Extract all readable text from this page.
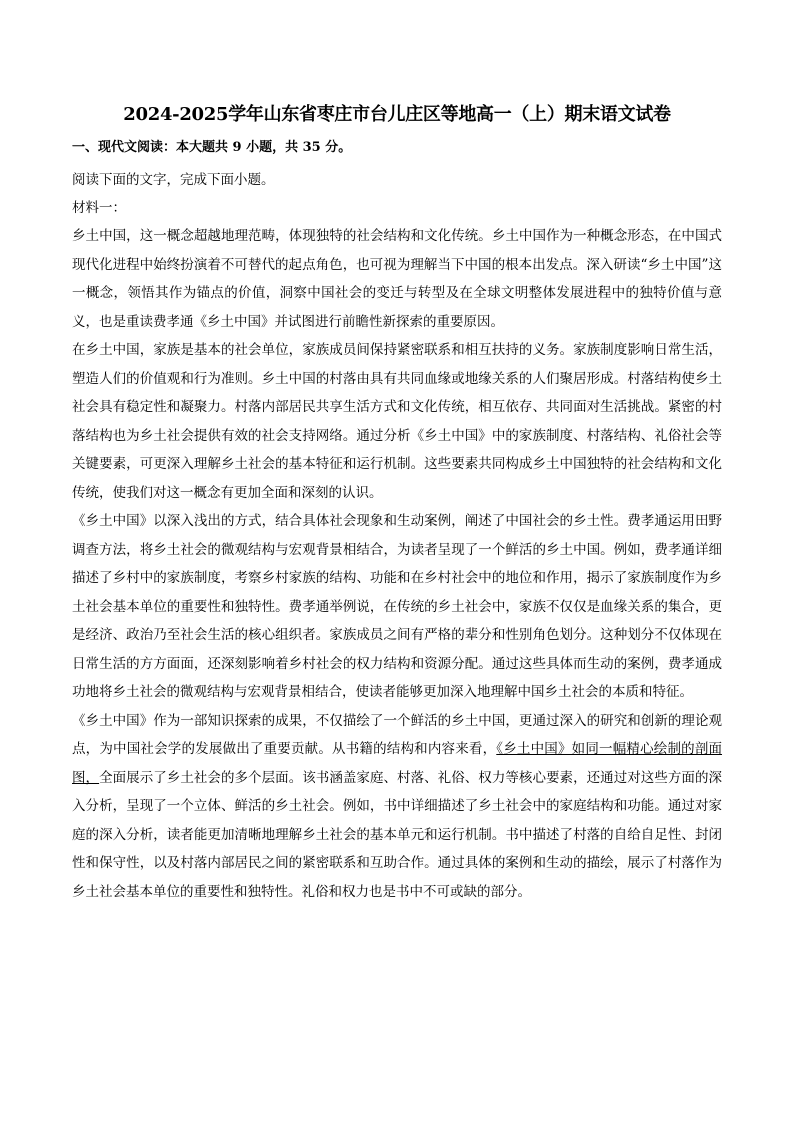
2024-2025学年山东省枣庄市台儿庄区等地高一（上）期末语文试卷

一、现代文阅读：本大题共 9 小题，共 35 分。

阅读下面的文字，完成下面小题。

材料一：

乡土中国，这一概念超越地理范畴，体现独特的社会结构和文化传统。乡土中国作为一种概念形态，在中国式现代化进程中始终扮演着不可替代的起点角色，也可视为理解当下中国的根本出发点。深入研读“乡土中国”这一概念，领悟其作为锚点的价值，洞察中国社会的变迁与转型及在全球文明整体发展进程中的独特价值与意义，也是重读费孝通《乡土中国》并试图进行前瞻性新探索的重要原因。

在乡土中国，家族是基本的社会单位，家族成员间保持紧密联系和相互扶持的义务。家族制度影响日常生活，塑造人们的价值观和行为准则。乡土中国的村落由具有共同血缘或地缘关系的人们聚居形成。村落结构使乡土社会具有稳定性和凝聚力。村落内部居民共享生活方式和文化传统，相互依存、共同面对生活挑战。紧密的村落结构也为乡土社会提供有效的社会支持网络。通过分析《乡土中国》中的家族制度、村落结构、礼俗社会等关键要素，可更深入理解乡土社会的基本特征和运行机制。这些要素共同构成乡土中国独特的社会结构和文化传统，使我们对这一概念有更加全面和深刻的认识。

《乡土中国》以深入浅出的方式，结合具体社会现象和生动案例，阐述了中国社会的乡土性。费孝通运用田野调查方法，将乡土社会的微观结构与宏观背景相结合，为读者呈现了一个鲜活的乡土中国。例如，费孝通详细描述了乡村中的家族制度，考察乡村家族的结构、功能和在乡村社会中的地位和作用，揭示了家族制度作为乡土社会基本单位的重要性和独特性。费孝通举例说，在传统的乡土社会中，家族不仅仅是血缘关系的集合，更是经济、政治乃至社会生活的核心组织者。家族成员之间有严格的辈分和性别角色划分。这种划分不仅体现在日常生活的方方面面，还深刻影响着乡村社会的权力结构和资源分配。通过这些具体而生动的案例，费孝通成功地将乡土社会的微观结构与宏观背景相结合，使读者能够更加深入地理解中国乡土社会的本质和特征。

《乡土中国》作为一部知识探索的成果，不仅描绘了一个鲜活的乡土中国，更通过深入的研究和创新的理论观点，为中国社会学的发展做出了重要贡献。从书籍的结构和内容来看，《乡土中国》如同一幅精心绘制的剖面图，全面展示了乡土社会的多个层面。该书涵盖家庭、村落、礼俗、权力等核心要素，还通过对这些方面的深入分析，呈现了一个立体、鲜活的乡土社会。例如，书中详细描述了乡土社会中的家庭结构和功能。通过对家庭的深入分析，读者能更加清晰地理解乡土社会的基本单元和运行机制。书中描述了村落的自给自足性、封闭性和保守性，以及村落内部居民之间的紧密联系和互助合作。通过具体的案例和生动的描绘，展示了村落作为乡土社会基本单位的重要性和独特性。礼俗和权力也是书中不可或缺的部分。
